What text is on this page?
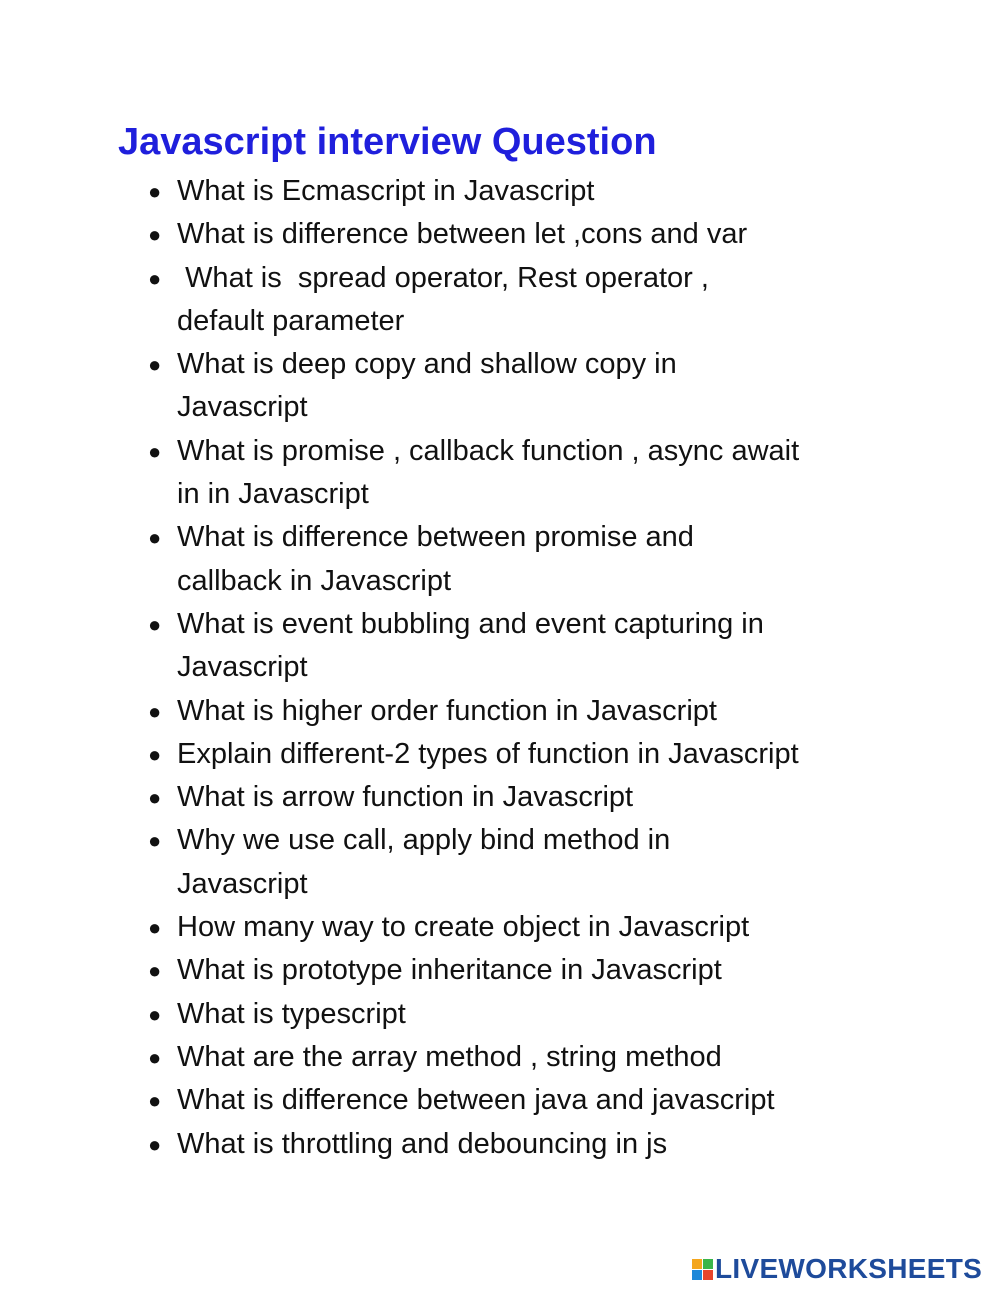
Javascript interview Question
● What is Ecmascript in Javascript
● What is difference between let ,cons and var
● What is  spread operator, Rest operator ,
default parameter
● What is deep copy and shallow copy in
Javascript
● What is promise , callback function , async await
in in Javascript
● What is difference between promise and
callback in Javascript
● What is event bubbling and event capturing in
Javascript
● What is higher order function in Javascript
● Explain different-2 types of function in Javascript
● What is arrow function in Javascript
● Why we use call, apply bind method in
Javascript
● How many way to create object in Javascript
● What is prototype inheritance in Javascript
● What is typescript
● What are the array method , string method
● What is difference between java and javascript
● What is throttling and debouncing in js
LIVEWORKSHEETS
